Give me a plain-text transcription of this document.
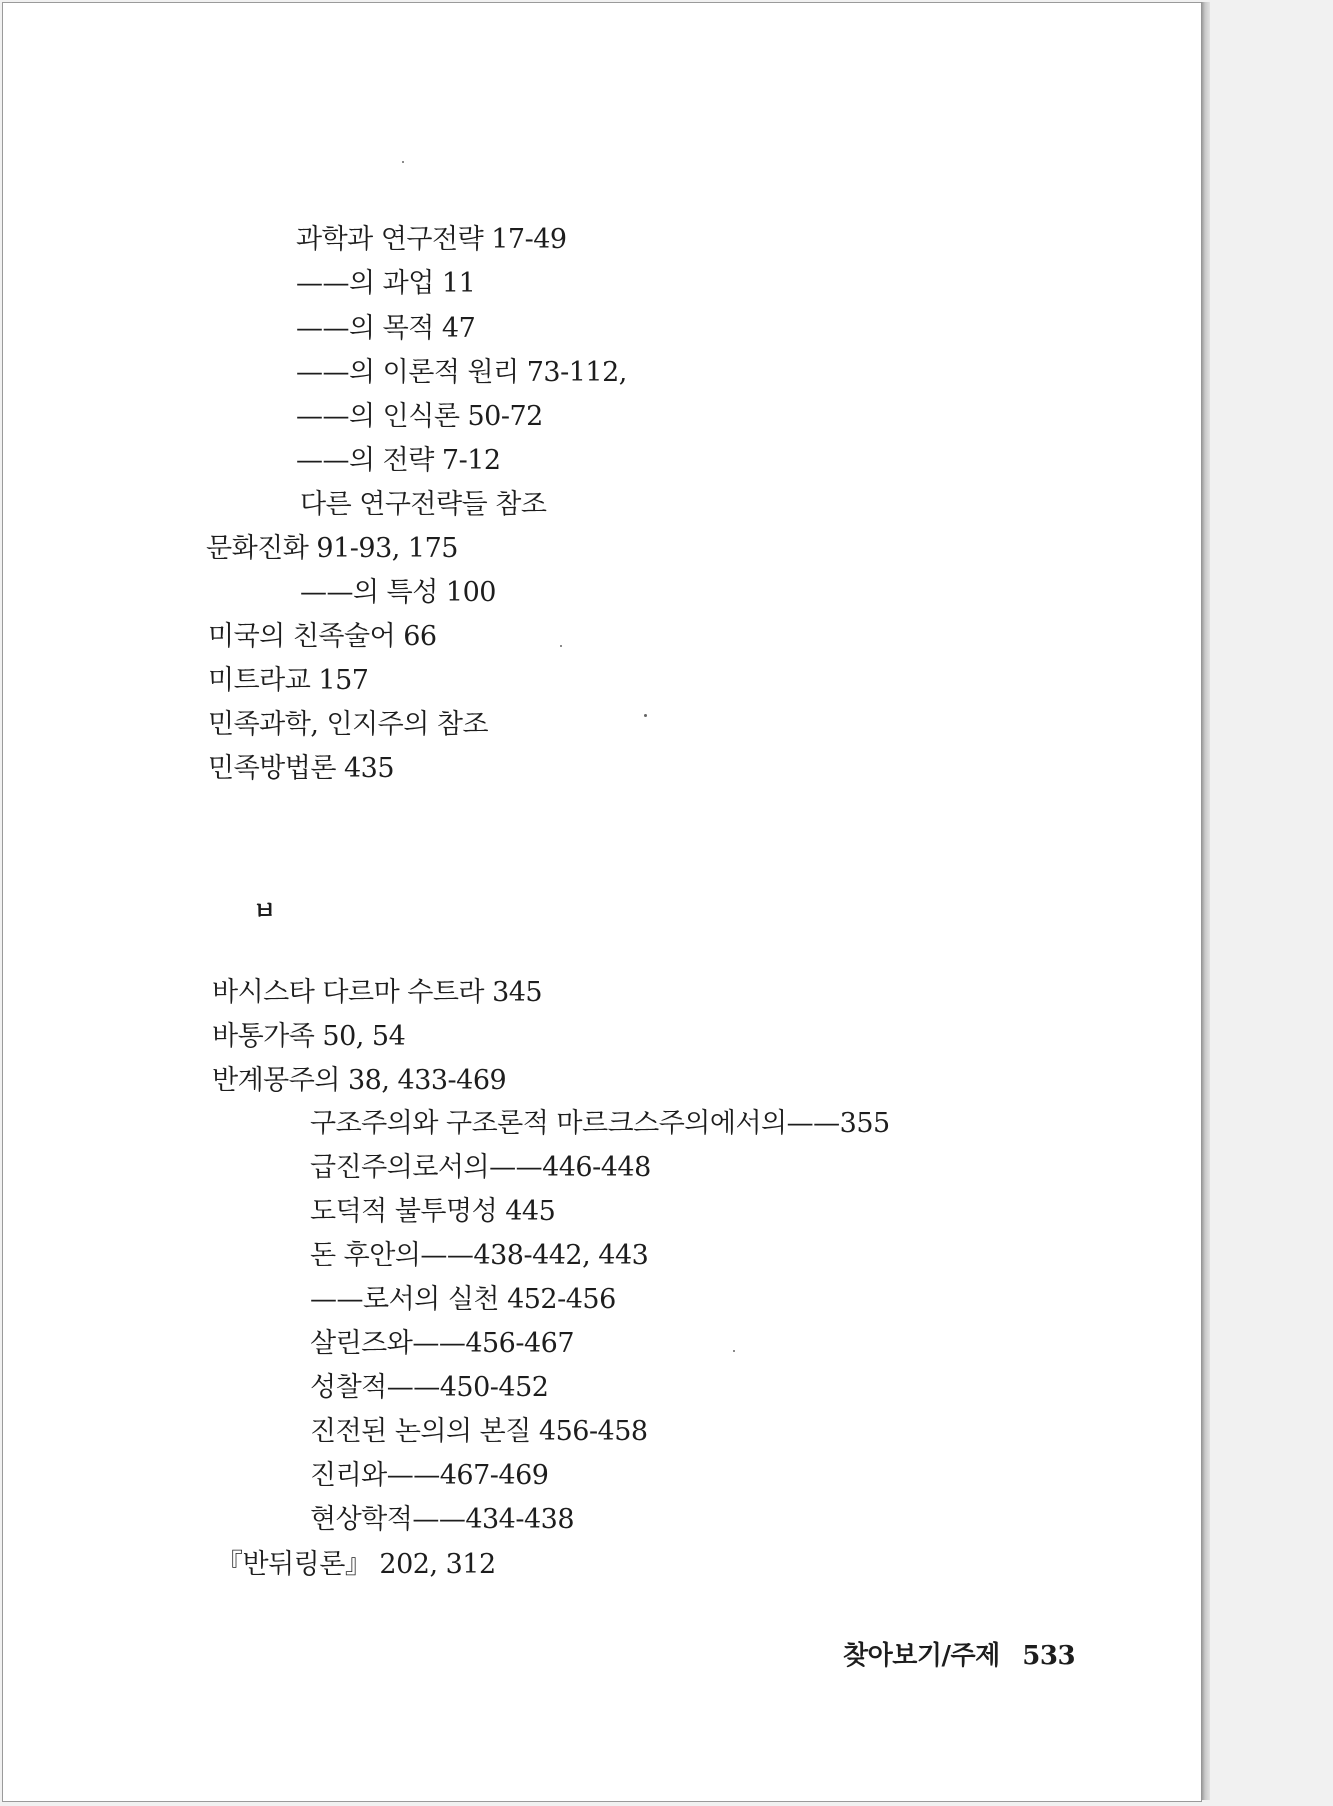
과학과 연구전략 17-49
——의 과업 11
——의 목적 47
——의 이론적 원리 73-112,
——의 인식론 50-72
——의 전략 7-12
다른 연구전략들 참조
문화진화 91-93, 175
——의 특성 100
미국의 친족술어 66
미트라교 157
민족과학, 인지주의 참조
민족방법론 435
ㅂ
바시스타 다르마 수트라 345
바통가족 50, 54
반계몽주의 38, 433-469
구조주의와 구조론적 마르크스주의에서의——355
급진주의로서의——446-448
도덕적 불투명성 445
돈 후안의——438-442, 443
——로서의 실천 452-456
살린즈와——456-467
성찰적——450-452
진전된 논의의 본질 456-458
진리와——467-469
현상학적——434-438
『반뒤링론』 202, 312
찾아보기/주제 533
